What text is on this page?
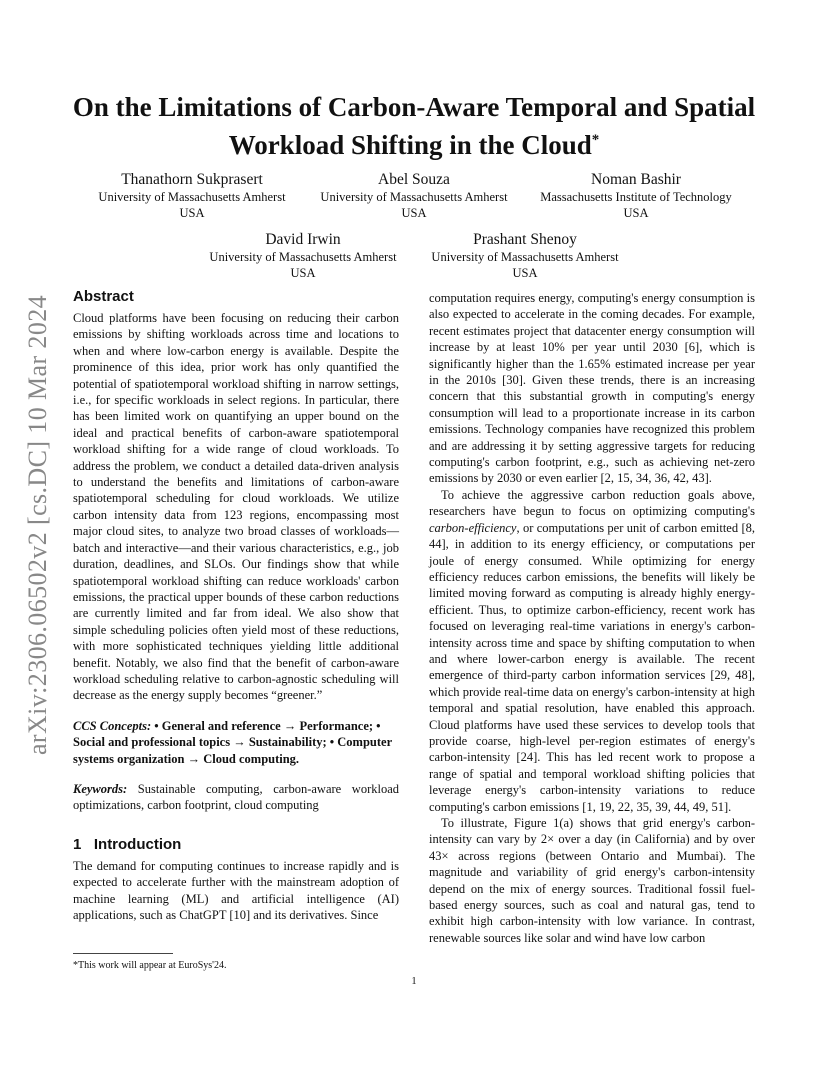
arXiv:2306.06502v2 [cs.DC] 10 Mar 2024
On the Limitations of Carbon-Aware Temporal and Spatial Workload Shifting in the Cloud*
Thanathorn Sukprasert
University of Massachusetts Amherst
USA
Abel Souza
University of Massachusetts Amherst
USA
Noman Bashir
Massachusetts Institute of Technology
USA
David Irwin
University of Massachusetts Amherst
USA
Prashant Shenoy
University of Massachusetts Amherst
USA
Abstract

Cloud platforms have been focusing on reducing their carbon emissions by shifting workloads across time and locations to when and where low-carbon energy is available. Despite the prominence of this idea, prior work has only quantified the potential of spatiotemporal workload shifting in narrow settings, i.e., for specific workloads in select regions. In particular, there has been limited work on quantifying an upper bound on the ideal and practical benefits of carbon-aware spatiotemporal workload shifting for a wide range of cloud workloads. To address the problem, we conduct a detailed data-driven analysis to understand the benefits and limitations of carbon-aware spatiotemporal scheduling for cloud workloads. We utilize carbon intensity data from 123 regions, encompassing most major cloud sites, to analyze two broad classes of workloads—batch and interactive—and their various characteristics, e.g., job duration, deadlines, and SLOs. Our findings show that while spatiotemporal workload shifting can reduce workloads' carbon emissions, the practical upper bounds of these carbon reductions are currently limited and far from ideal. We also show that simple scheduling policies often yield most of these reductions, with more sophisticated techniques yielding little additional benefit. Notably, we also find that the benefit of carbon-aware workload scheduling relative to carbon-agnostic scheduling will decrease as the energy supply becomes “greener.”

CCS Concepts: • General and reference → Performance; • Social and professional topics → Sustainability; • Computer systems organization → Cloud computing.

Keywords: Sustainable computing, carbon-aware workload optimizations, carbon footprint, cloud computing

1 Introduction

The demand for computing continues to increase rapidly and is expected to accelerate further with the mainstream adoption of machine learning (ML) and artificial intelligence (AI) applications, such as ChatGPT [10] and its derivatives. Since

computation requires energy, computing's energy consumption is also expected to accelerate in the coming decades. For example, recent estimates project that datacenter energy consumption will increase by at least 10% per year until 2030 [6], which is significantly higher than the 1.65% estimated increase per year in the 2010s [30]. Given these trends, there is an increasing concern that this substantial growth in computing's energy consumption will lead to a proportionate increase in its carbon emissions. Technology companies have recognized this problem and are addressing it by setting aggressive targets for reducing computing's carbon footprint, e.g., such as achieving net-zero emissions by 2030 or even earlier [2, 15, 34, 36, 42, 43].

To achieve the aggressive carbon reduction goals above, researchers have begun to focus on optimizing computing's carbon-efficiency, or computations per unit of carbon emitted [8, 44], in addition to its energy efficiency, or computations per joule of energy consumed. While optimizing for energy efficiency reduces carbon emissions, the benefits will likely be limited moving forward as computing is already highly energy-efficient. Thus, to optimize carbon-efficiency, recent work has focused on leveraging real-time variations in energy's carbon-intensity across time and space by shifting computation to when and where lower-carbon energy is available. The recent emergence of third-party carbon information services [29, 48], which provide real-time data on energy's carbon-intensity at high temporal and spatial resolution, have enabled this approach. Cloud platforms have used these services to develop tools that provide coarse, high-level per-region estimates of energy's carbon-intensity [24]. This has led recent work to propose a range of spatial and temporal workload shifting policies that leverage energy's carbon-intensity variations to reduce computing's carbon emissions [1, 19, 22, 35, 39, 44, 49, 51].

To illustrate, Figure 1(a) shows that grid energy's carbon-intensity can vary by 2× over a day (in California) and by over 43× across regions (between Ontario and Mumbai). The magnitude and variability of grid energy's carbon-intensity depend on the mix of energy sources. Traditional fossil fuel-based energy sources, such as coal and natural gas, tend to exhibit high carbon-intensity with low variance. In contrast, renewable sources like solar and wind have low carbon

*This work will appear at EuroSys'24.
1
